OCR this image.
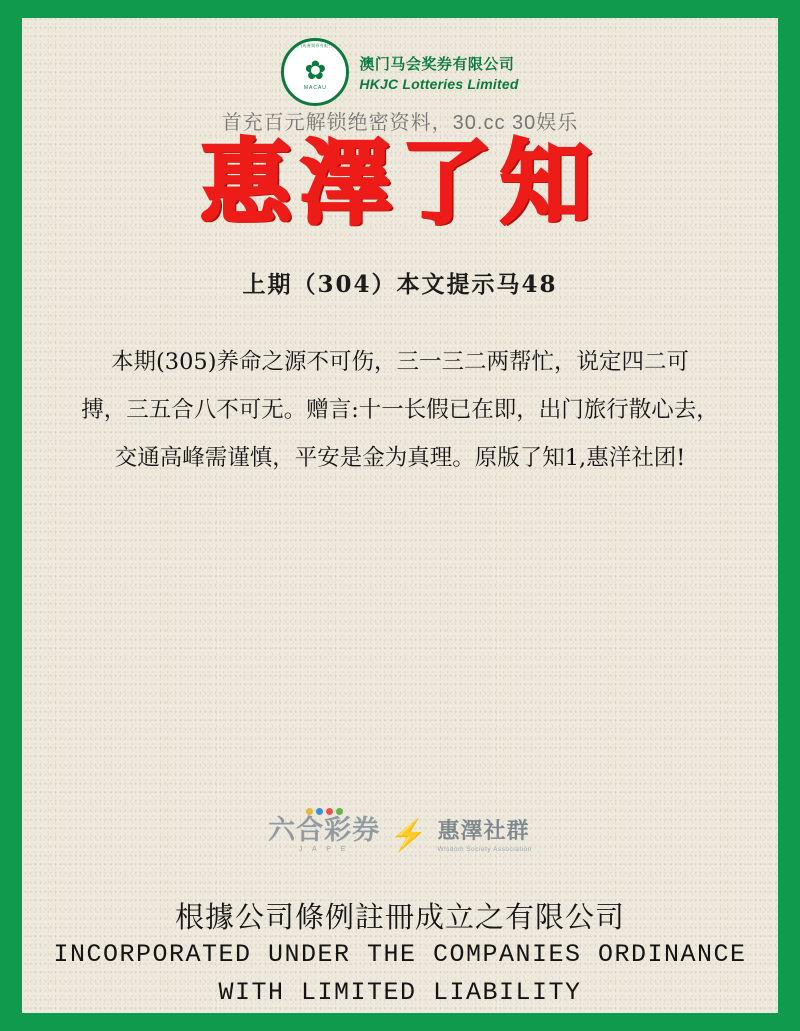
澳門馬會獎券有限公司
✿
MACAU
澳门马会奖券有限公司
HKJC Lotteries Limited
首充百元解锁绝密资料，30.cc 30娱乐
惠澤了知
上期（304）本文提示马48
本期(305)养命之源不可伤，三一三二两帮忙，说定四二可
搏，三五合八不可无。赠言:十一长假已在即，出门旅行散心去，
交通高峰需谨慎，平安是金为真理。原版了知1,惠洋社团!
六合彩券
J A P E ⚡ 惠澤社群
Wisdom Society Association
根據公司條例註冊成立之有限公司
INCORPORATED UNDER THE COMPANIES ORDINANCE
WITH LIMITED LIABILITY
